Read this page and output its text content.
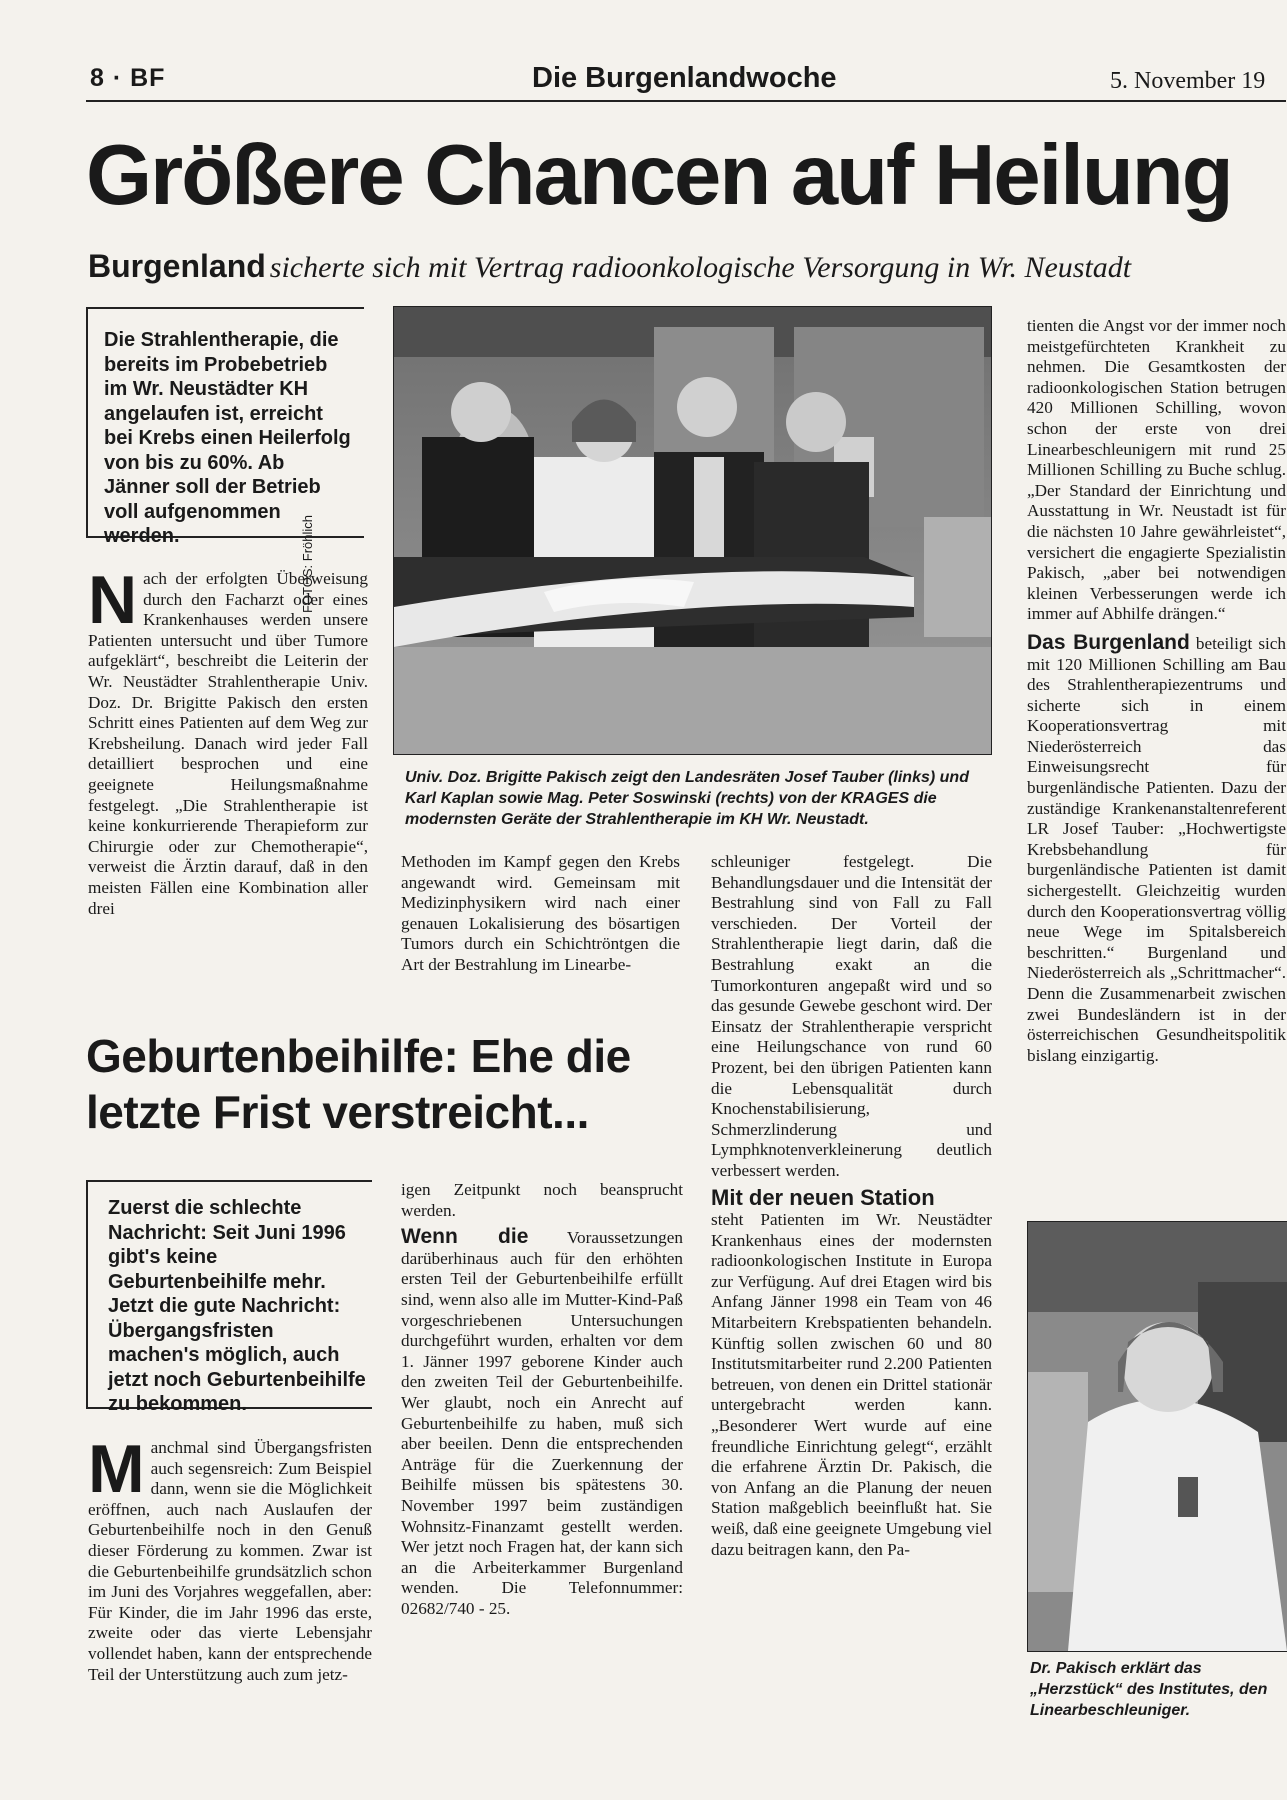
8 · BF	Die Burgenlandwoche	5. November 19
Größere Chancen auf Heilung
Burgenland sicherte sich mit Vertrag radioonkologische Versorgung in Wr. Neustadt
Die Strahlentherapie, die bereits im Probebetrieb im Wr. Neustädter KH angelaufen ist, erreicht bei Krebs einen Heilerfolg von bis zu 60%. Ab Jänner soll der Betrieb voll aufgenommen werden.
N ach der erfolgten Überweisung durch den Facharzt oder eines Krankenhauses werden unsere Patienten untersucht und über Tumore aufgeklärt“, beschreibt die Leiterin der Wr. Neustädter Strahlentherapie Univ. Doz. Dr. Brigitte Pakisch den ersten Schritt eines Patienten auf dem Weg zur Krebsheilung. Danach wird jeder Fall detailliert besprochen und eine geeignete Heilungsmaßnahme festgelegt. „Die Strahlentherapie ist keine konkurrierende Therapieform zur Chirurgie oder zur Chemotherapie“, verweist die Ärztin darauf, daß in den meisten Fällen eine Kombination aller drei
FOTOS: Fröhlich
Univ. Doz. Brigitte Pakisch zeigt den Landesräten Josef Tauber (links) und Karl Kaplan sowie Mag. Peter Soswinski (rechts) von der KRAGES die modernsten Geräte der Strahlentherapie im KH Wr. Neustadt.

Methoden im Kampf gegen den Krebs angewandt wird. Gemeinsam mit Medizinphysikern wird nach einer genauen Lokalisierung des bösartigen Tumors durch ein Schichtröntgen die Art der Bestrahlung im Linearbe-

schleuniger festgelegt. Die Behandlungsdauer und die Intensität der Bestrahlung sind von Fall zu Fall verschieden. Der Vorteil der Strahlentherapie liegt darin, daß die Bestrahlung exakt an die Tumorkonturen angepaßt wird und so das gesunde Gewebe geschont wird. Der Einsatz der Strahlentherapie verspricht eine Heilungschance von rund 60 Prozent, bei den übrigen Patienten kann die Lebensqualität durch Knochenstabilisierung, Schmerzlinderung und Lymphknotenverkleinerung deutlich verbessert werden.

Mit der neuen Station

steht Patienten im Wr. Neustädter Krankenhaus eines der modernsten radioonkologischen Institute in Europa zur Verfügung. Auf drei Etagen wird bis Anfang Jänner 1998 ein Team von 46 Mitarbeitern Krebspatienten behandeln. Künftig sollen zwischen 60 und 80 Institutsmitarbeiter rund 2.200 Patienten betreuen, von denen ein Drittel stationär untergebracht werden kann. „Besonderer Wert wurde auf eine freundliche Einrichtung gelegt“, erzählt die erfahrene Ärztin Dr. Pakisch, die von Anfang an die Planung der neuen Station maßgeblich beeinflußt hat. Sie weiß, daß eine geeignete Umgebung viel dazu beitragen kann, den Pa-

tienten die Angst vor der immer noch meistgefürchteten Krankheit zu nehmen. Die Gesamtkosten der radioonkologischen Station betrugen 420 Millionen Schilling, wovon schon der erste von drei Linearbeschleunigern mit rund 25 Millionen Schilling zu Buche schlug. „Der Standard der Einrichtung und Ausstattung in Wr. Neustadt ist für die nächsten 10 Jahre gewährleistet“, versichert die engagierte Spezialistin Pakisch, „aber bei notwendigen kleinen Verbesserungen werde ich immer auf Abhilfe drängen.“

Das Burgenland beteiligt sich mit 120 Millionen Schilling am Bau des Strahlentherapiezentrums und sicherte sich in einem Kooperationsvertrag mit Niederösterreich das Einweisungsrecht für burgenländische Patienten. Dazu der zuständige Krankenanstaltenreferent LR Josef Tauber: „Hochwertigste Krebsbehandlung für burgenländische Patienten ist damit sichergestellt. Gleichzeitig wurden durch den Kooperationsvertrag völlig neue Wege im Spitalsbereich beschritten.“ Burgenland und Niederösterreich als „Schrittmacher“. Denn die Zusammenarbeit zwischen zwei Bundesländern ist in der österreichischen Gesundheitspolitik bislang einzigartig.

Dr. Pakisch erklärt das „Herzstück“ des Institutes, den Linearbeschleuniger.
Geburtenbeihilfe: Ehe die letzte Frist verstreicht...
Zuerst die schlechte Nachricht: Seit Juni 1996 gibt's keine Geburtenbeihilfe mehr. Jetzt die gute Nachricht: Übergangsfristen machen's möglich, auch jetzt noch Geburtenbeihilfe zu bekommen.
M anchmal sind Übergangsfristen auch segensreich: Zum Beispiel dann, wenn sie die Möglichkeit eröffnen, auch nach Auslaufen der Geburtenbeihilfe noch in den Genuß dieser Förderung zu kommen. Zwar ist die Geburtenbeihilfe grundsätzlich schon im Juni des Vorjahres weggefallen, aber: Für Kinder, die im Jahr 1996 das erste, zweite oder das vierte Lebensjahr vollendet haben, kann der entsprechende Teil der Unterstützung auch zum jetz-

igen Zeitpunkt noch beansprucht werden.

Wenn die Voraussetzungen darüberhinaus auch für den erhöhten ersten Teil der Geburtenbeihilfe erfüllt sind, wenn also alle im Mutter-Kind-Paß vorgeschriebenen Untersuchungen durchgeführt wurden, erhalten vor dem 1. Jänner 1997 geborene Kinder auch den zweiten Teil der Geburtenbeihilfe. Wer glaubt, noch ein Anrecht auf Geburtenbeihilfe zu haben, muß sich aber beeilen. Denn die entsprechenden Anträge für die Zuerkennung der Beihilfe müssen bis spätestens 30. November 1997 beim zuständigen Wohnsitz-Finanzamt gestellt werden. Wer jetzt noch Fragen hat, der kann sich an die Arbeiterkammer Burgenland wenden. Die Telefonnummer: 02682/740 - 25.
